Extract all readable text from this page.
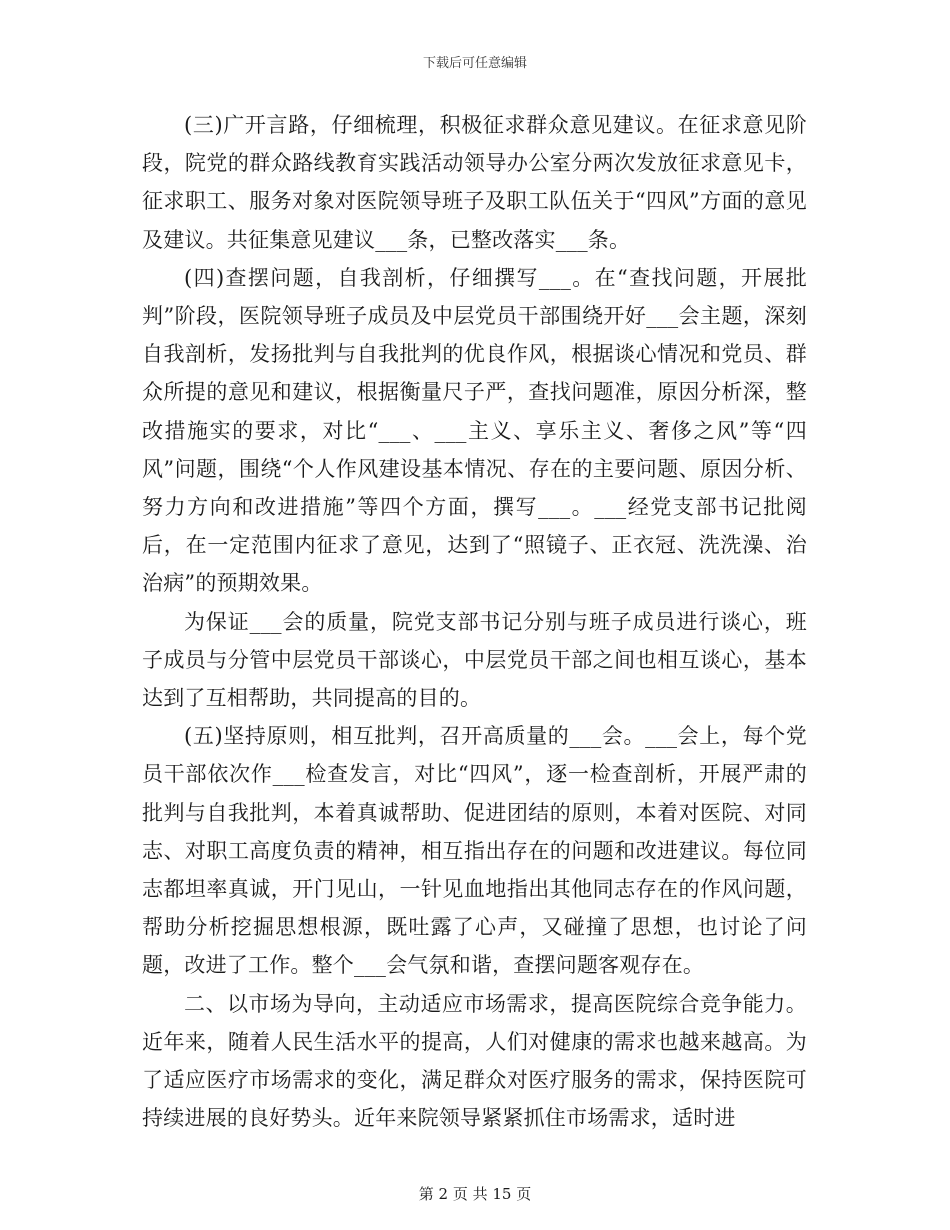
下载后可任意编辑

(三)广开言路，仔细梳理，积极征求群众意见建议。在征求意见阶段，院党的群众路线教育实践活动领导办公室分两次发放征求意见卡，征求职工、服务对象对医院领导班子及职工队伍关于“四风”方面的意见及建议。共征集意见建议___条，已整改落实___条。

(四)查摆问题，自我剖析，仔细撰写___。在“查找问题，开展批判”阶段，医院领导班子成员及中层党员干部围绕开好___会主题，深刻自我剖析，发扬批判与自我批判的优良作风，根据谈心情况和党员、群众所提的意见和建议，根据衡量尺子严，查找问题准，原因分析深，整改措施实的要求，对比“___、___主义、享乐主义、奢侈之风”等“四风”问题，围绕“个人作风建设基本情况、存在的主要问题、原因分析、努力方向和改进措施”等四个方面，撰写___。___经党支部书记批阅后，在一定范围内征求了意见，达到了“照镜子、正衣冠、洗洗澡、治治病”的预期效果。

为保证___会的质量，院党支部书记分别与班子成员进行谈心，班子成员与分管中层党员干部谈心，中层党员干部之间也相互谈心，基本达到了互相帮助，共同提高的目的。

(五)坚持原则，相互批判，召开高质量的___会。___会上，每个党员干部依次作___检查发言，对比“四风”，逐一检查剖析，开展严肃的批判与自我批判，本着真诚帮助、促进团结的原则，本着对医院、对同志、对职工高度负责的精神，相互指出存在的问题和改进建议。每位同志都坦率真诚，开门见山，一针见血地指出其他同志存在的作风问题，帮助分析挖掘思想根源，既吐露了心声，又碰撞了思想，也讨论了问题，改进了工作。整个___会气氛和谐，查摆问题客观存在。

二、以市场为导向，主动适应市场需求，提高医院综合竞争能力。近年来，随着人民生活水平的提高，人们对健康的需求也越来越高。为了适应医疗市场需求的变化，满足群众对医疗服务的需求，保持医院可持续进展的良好势头。近年来院领导紧紧抓住市场需求，适时进

第 2 页 共 15 页
